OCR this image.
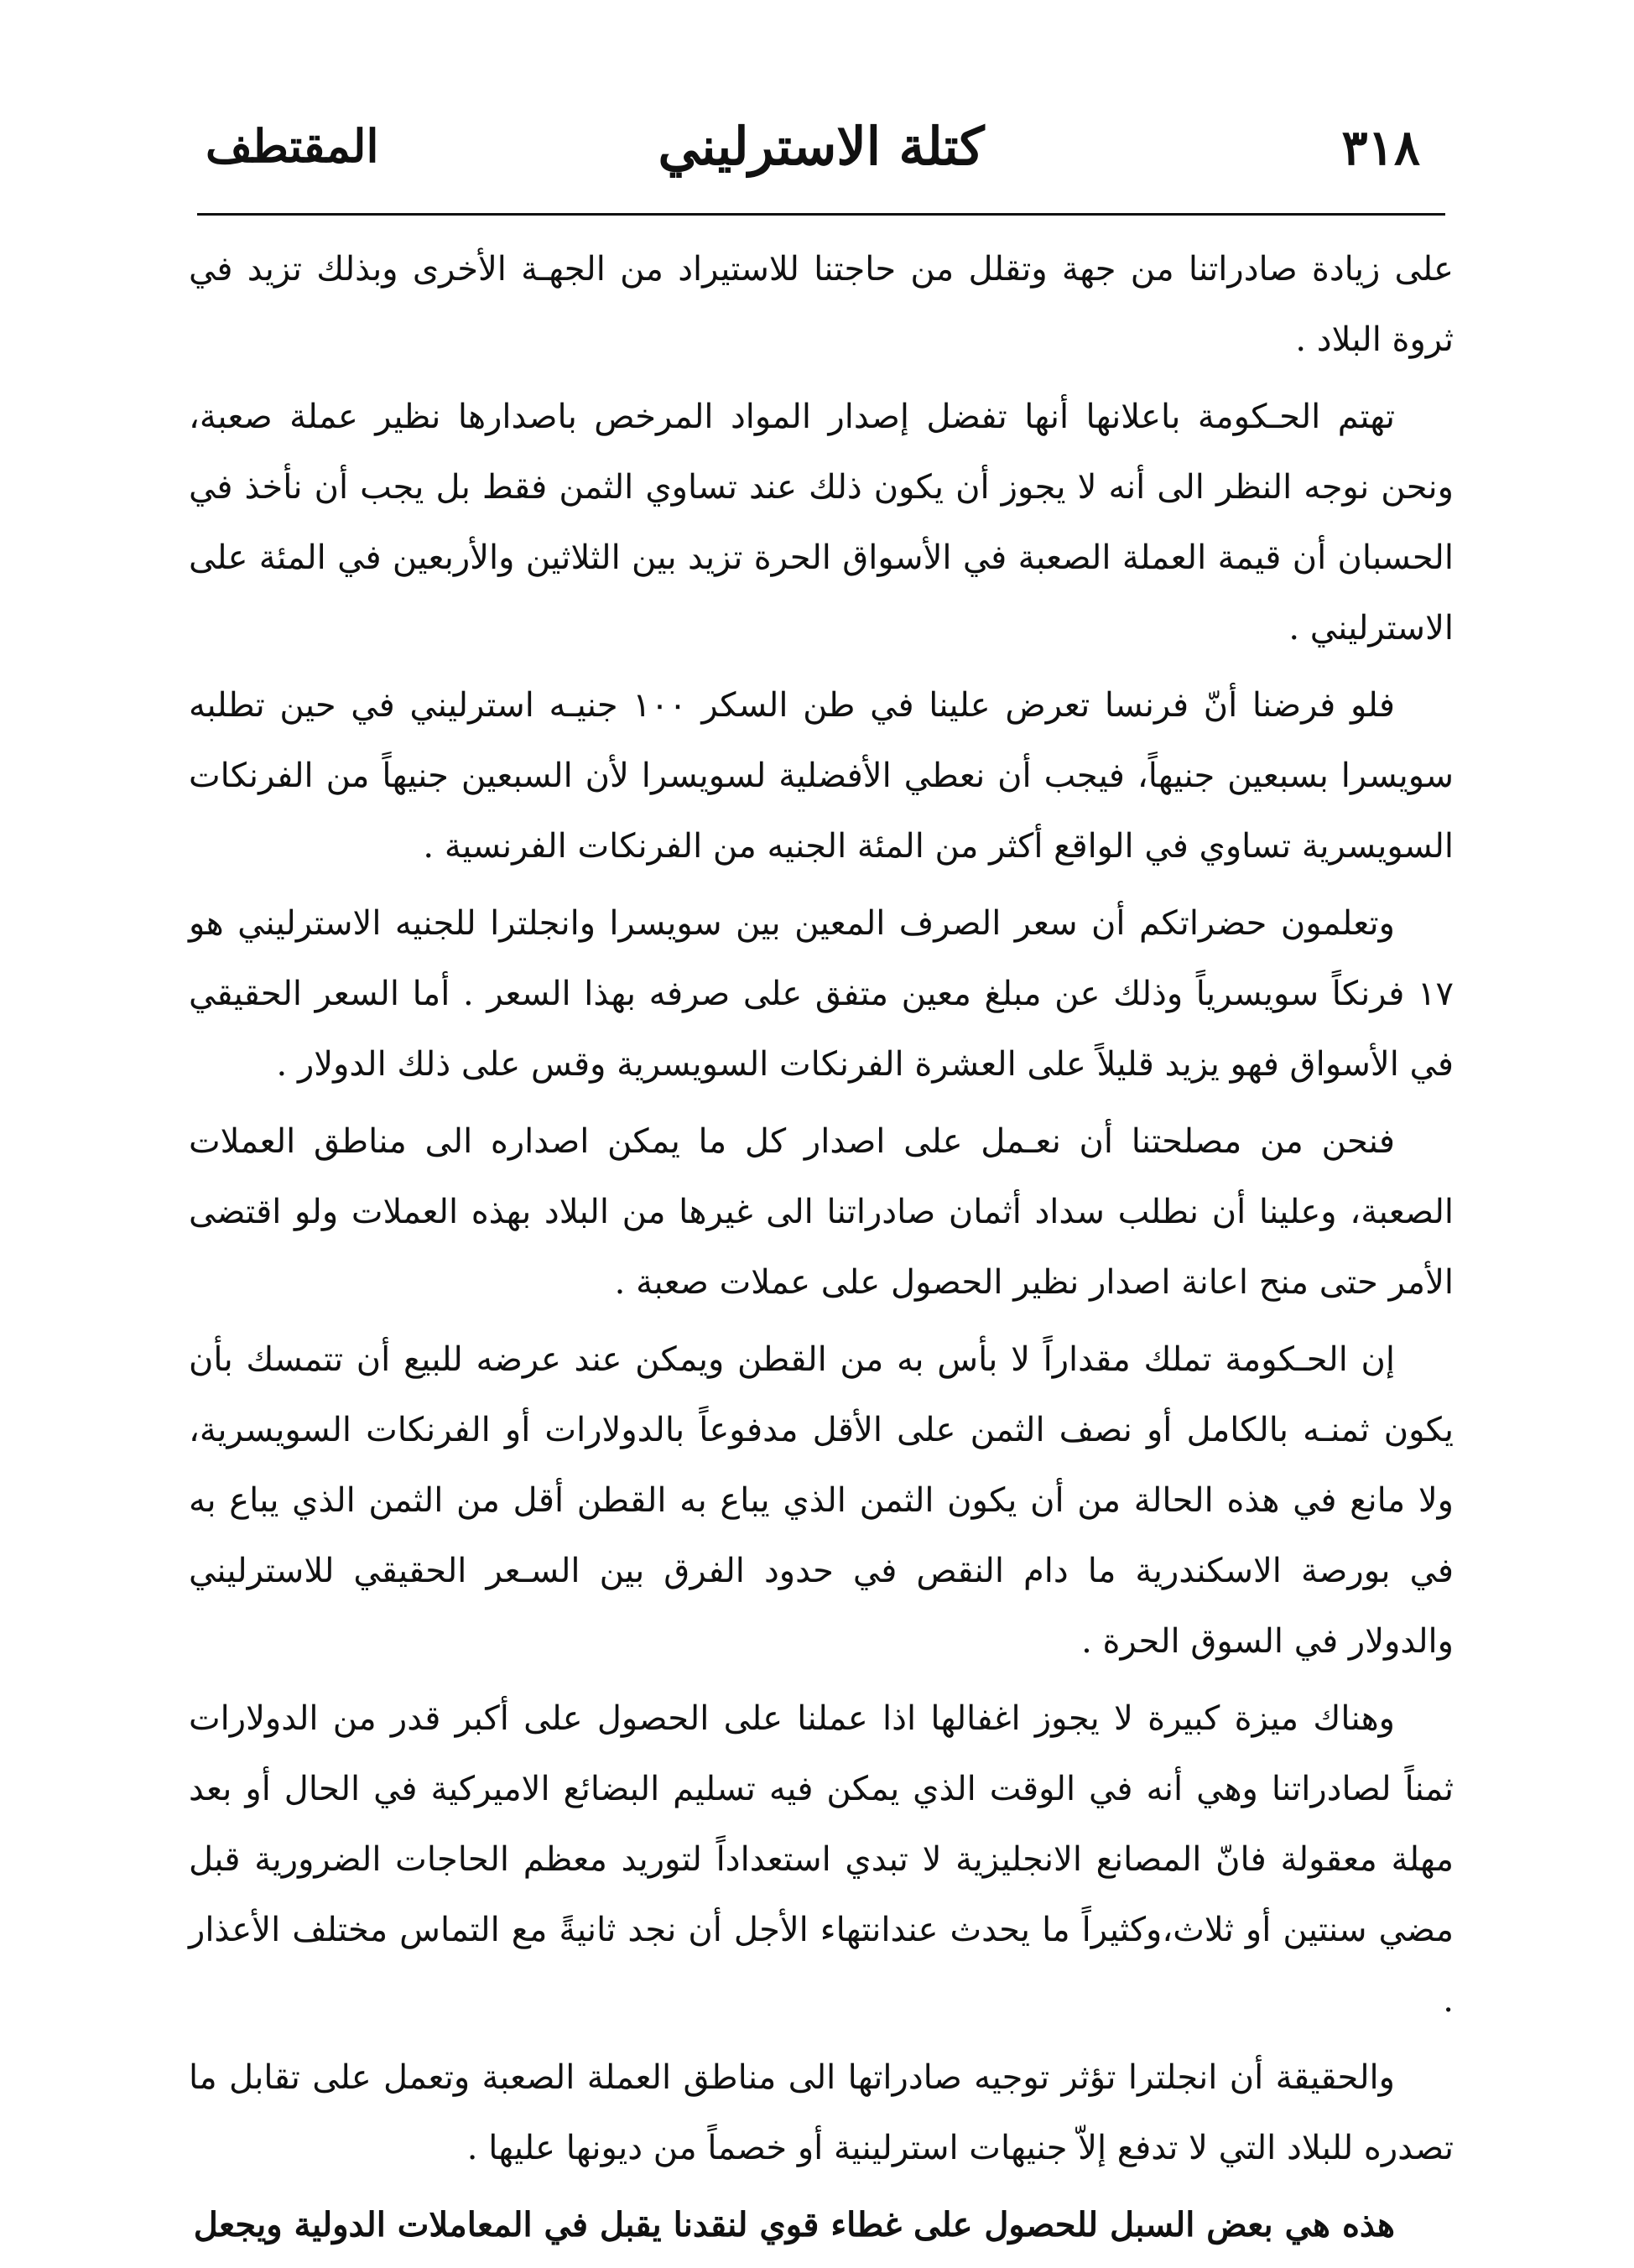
٣١٨
كتلة الاسترليني
المقتطف

على زيادة صادراتنا من جهة وتقلل من حاجتنا للاستيراد من الجهـة الأخرى وبذلك تزيد في ثروة البلاد .

تهتم الحـكومة باعلانها أنها تفضل إصدار المواد المرخص باصدارها نظير عملة صعبة، ونحن نوجه النظر الى أنه لا يجوز أن يكون ذلك عند تساوي الثمن فقط بل يجب أن نأخذ في الحسبان أن قيمة العملة الصعبة في الأسواق الحرة تزيد بين الثلاثين والأربعين في المئة على الاسترليني .

فلو فرضنا أنّ فرنسا تعرض علينا في طن السكر ١٠٠ جنيـه استرليني في حين تطلبه سويسرا بسبعين جنيهاً، فيجب أن نعطي الأفضلية لسويسرا لأن السبعين جنيهاً من الفرنكات السويسرية تساوي في الواقع أكثر من المئة الجنيه من الفرنكات الفرنسية .

وتعلمون حضراتكم أن سعر الصرف المعين بين سويسرا وانجلترا للجنيه الاسترليني هو ١٧ فرنكاً سويسرياً وذلك عن مبلغ معين متفق على صرفه بهذا السعر . أما السعر الحقيقي في الأسواق فهو يزيد قليلاً على العشرة الفرنكات السويسرية وقس على ذلك الدولار .

فنحن من مصلحتنا أن نعـمل على اصدار كل ما يمكن اصداره الى مناطق العملات الصعبة، وعلينا أن نطلب سداد أثمان صادراتنا الى غيرها من البلاد بهذه العملات ولو اقتضى الأمر حتى منح اعانة اصدار نظير الحصول على عملات صعبة .

إن الحـكومة تملك مقداراً لا بأس به من القطن ويمكن عند عرضه للبيع أن تتمسك بأن يكون ثمنـه بالكامل أو نصف الثمن على الأقل مدفوعاً بالدولارات أو الفرنكات السويسرية، ولا مانع في هذه الحالة من أن يكون الثمن الذي يباع به القطن أقل من الثمن الذي يباع به في بورصة الاسكندرية ما دام النقص في حدود الفرق بين السـعر الحقيقي للاسترليني والدولار في السوق الحرة .

وهناك ميزة كبيرة لا يجوز اغفالها اذا عملنا على الحصول على أكبر قدر من الدولارات ثمناً لصادراتنا وهي أنه في الوقت الذي يمكن فيه تسليم البضائع الاميركية في الحال أو بعد مهلة معقولة فانّ المصانع الانجليزية لا تبدي استعداداً لتوريد معظم الحاجات الضرورية قبل مضي سنتين أو ثلاث،وكثيراً ما يحدث عندانتهاء الأجل أن نجد ثانيةً مع التماس مختلف الأعذار .

والحقيقة أن انجلترا تؤثر توجيه صادراتها الى مناطق العملة الصعبة وتعمل على تقابل ما تصدره للبلاد التي لا تدفع إلاّ جنيهات استرلينية أو خصماً من ديونها عليها .

هذه هي بعض السبل للحصول على غطاء قوي لنقدنا يقبل في المعاملات الدولية ويجعل
